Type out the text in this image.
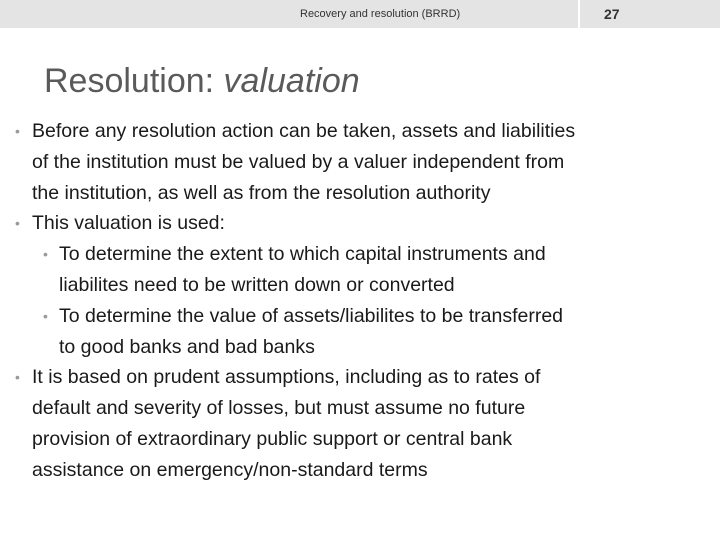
Recovery and resolution (BRRD)	27
Resolution: valuation
• Before any resolution action can be taken, assets and liabilities
of the institution must be valued by a valuer independent from
the institution, as well as from the resolution authority
• This valuation is used:
• To determine the extent to which capital instruments and
liabilites need to be written down or converted
• To determine the value of assets/liabilites to be transferred
to good banks and bad banks
• It is based on prudent assumptions, including as to rates of
default and severity of losses, but must assume no future
provision of extraordinary public support or central bank
assistance on emergency/non-standard terms
